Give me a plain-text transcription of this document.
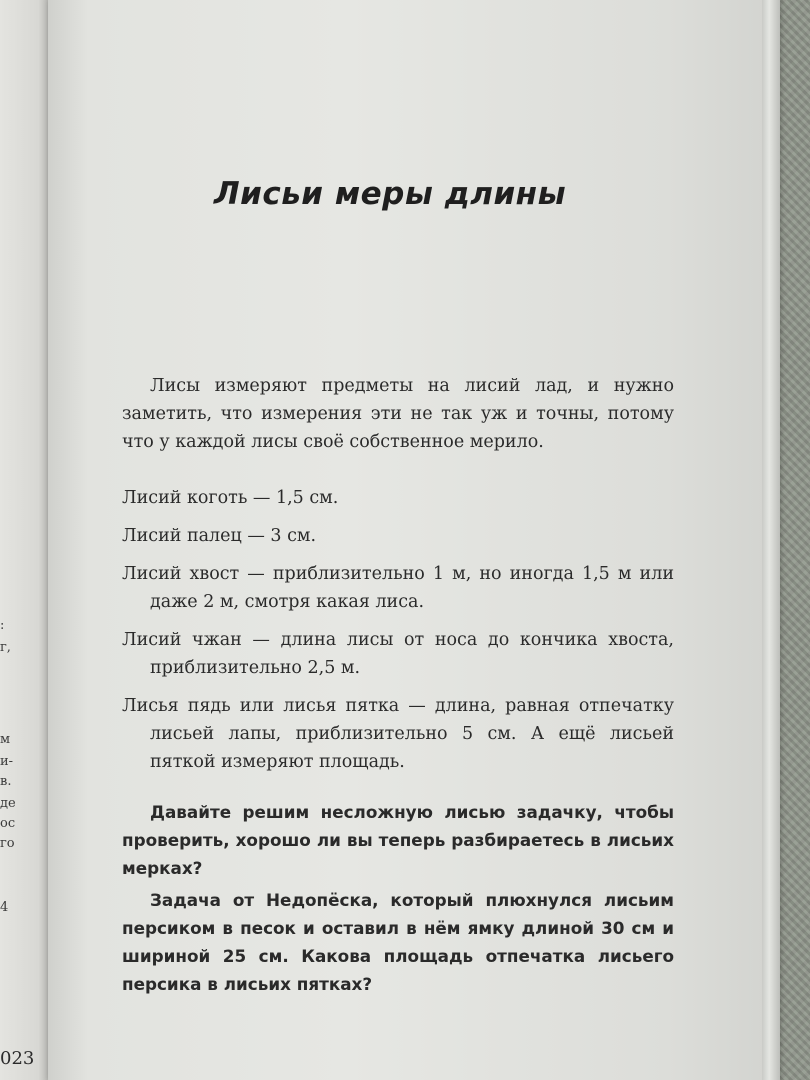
:
г,
м
и-
в.
де
ос
го
4
023
Лисьи меры длины

Лисы измеряют предметы на лисий лад, и нужно заметить, что измерения эти не так уж и точны, потому что у каждой лисы своё собственное мерило.

Лисий коготь — 1,5 см.

Лисий палец — 3 см.

Лисий хвост — приблизительно 1 м, но иногда 1,5 м или даже 2 м, смотря какая лиса.

Лисий чжан — длина лисы от носа до кончика хвоста, приблизительно 2,5 м.

Лисья пядь или лисья пятка — длина, равная отпечатку лисьей лапы, приблизительно 5 см. А ещё лисьей пяткой измеряют площадь.

Давайте решим несложную лисью задачку, чтобы проверить, хорошо ли вы теперь разбираетесь в лисьих мерках?

Задача от Недопёска, который плюхнулся лисьим персиком в песок и оставил в нём ямку длиной 30 см и шириной 25 см. Какова площадь отпечатка лисьего персика в лисьих пятках?
